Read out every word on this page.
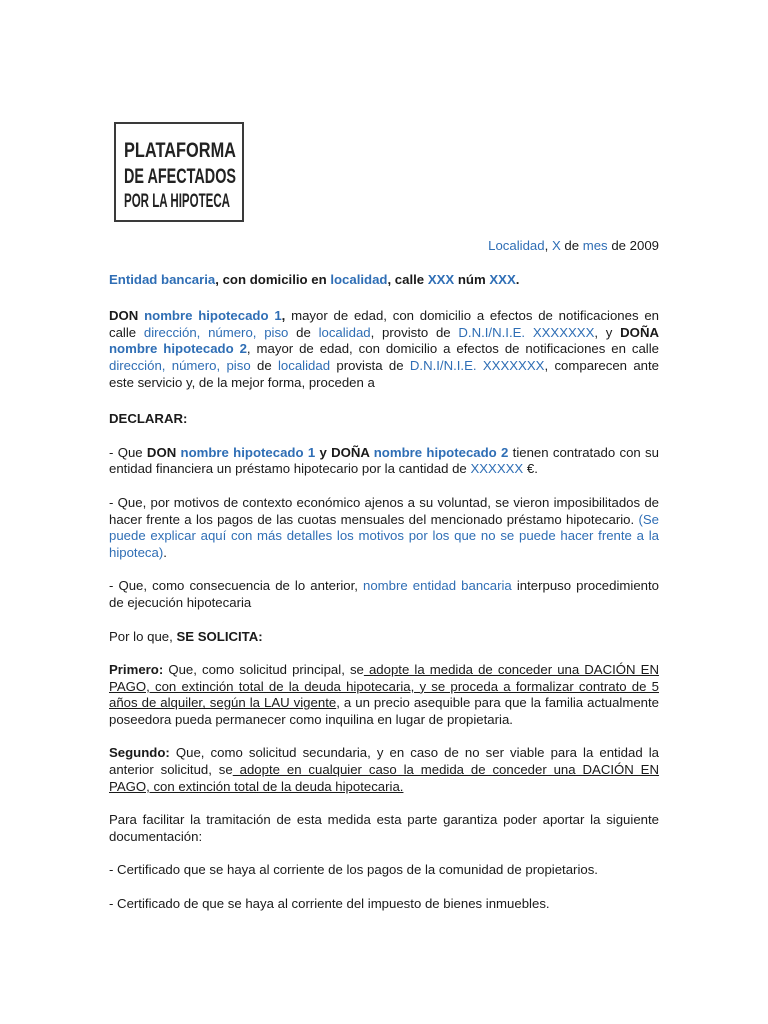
PLATAFORMA
DE AFECTADOS
POR LA HIPOTECA

Localidad, X de mes de 2009

Entidad bancaria, con domicilio en localidad, calle XXX núm XXX.

DON nombre hipotecado 1, mayor de edad, con domicilio a efectos de notificaciones en calle dirección, número, piso de localidad, provisto de D.N.I/N.I.E. XXXXXXX, y DOÑA nombre hipotecado 2, mayor de edad, con domicilio a efectos de notificaciones en calle dirección, número, piso de localidad provista de D.N.I/N.I.E. XXXXXXX, comparecen ante este servicio y, de la mejor forma, proceden a

DECLARAR:

- Que DON nombre hipotecado 1 y DOÑA nombre hipotecado 2 tienen contratado con su entidad financiera un préstamo hipotecario por la cantidad de XXXXXX €.

- Que, por motivos de contexto económico ajenos a su voluntad, se vieron imposibilitados de hacer frente a los pagos de las cuotas mensuales del mencionado préstamo hipotecario. (Se puede explicar aquí con más detalles los motivos por los que no se puede hacer frente a la hipoteca).

- Que, como consecuencia de lo anterior, nombre entidad bancaria interpuso procedimiento de ejecución hipotecaria

Por lo que, SE SOLICITA:

Primero: Que, como solicitud principal, se adopte la medida de conceder una DACIÓN EN PAGO, con extinción total de la deuda hipotecaria, y se proceda a formalizar contrato de 5 años de alquiler, según la LAU vigente, a un precio asequible para que la familia actualmente poseedora pueda permanecer como inquilina en lugar de propietaria.

Segundo: Que, como solicitud secundaria, y en caso de no ser viable para la entidad la anterior solicitud, se adopte en cualquier caso la medida de conceder una DACIÓN EN PAGO, con extinción total de la deuda hipotecaria.

Para facilitar la tramitación de esta medida esta parte garantiza poder aportar la siguiente documentación:

- Certificado que se haya al corriente de los pagos de la comunidad de propietarios.

- Certificado de que se haya al corriente del impuesto de bienes inmuebles.
